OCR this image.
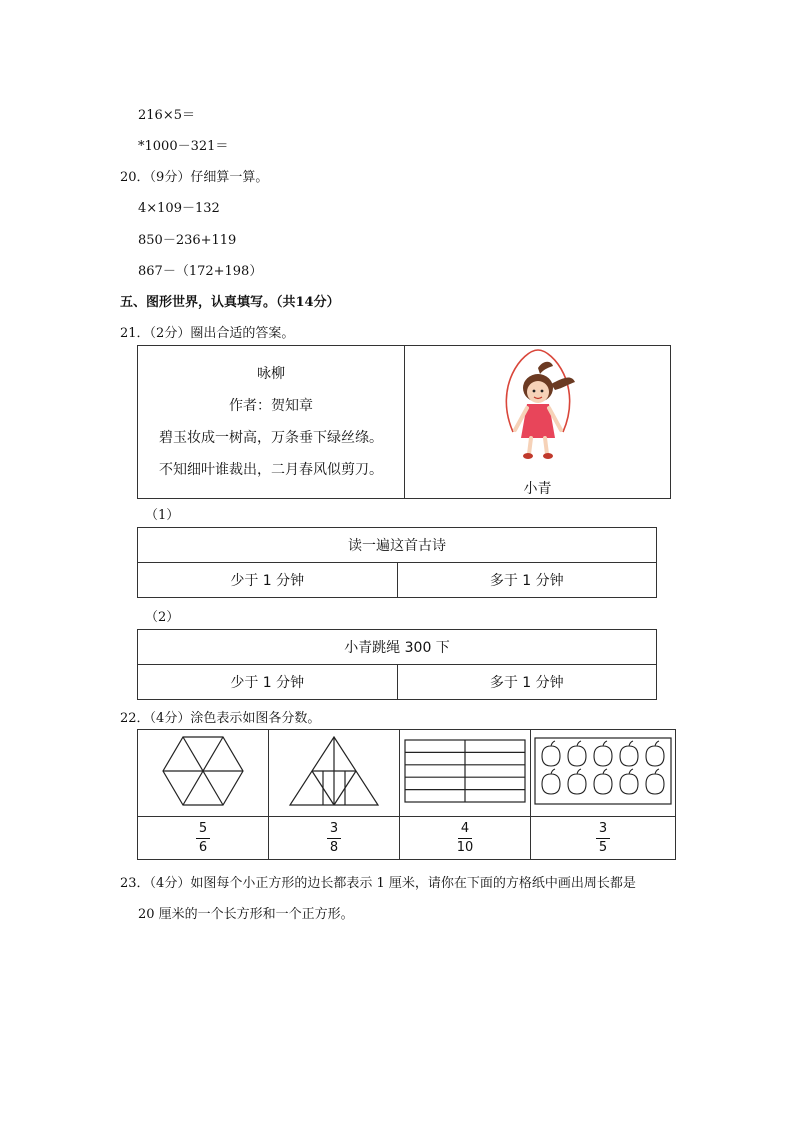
216×5＝
*1000－321＝
20．（9分）仔细算一算。
4×109－132
850－236+119
867－（172+198）
五、图形世界，认真填写。（共14分）
21．（2分）圈出合适的答案。

咏柳

作者：贺知章

碧玉妆成一树高，万条垂下绿丝绦。

不知细叶谁裁出，二月春风似剪刀。

小青
（1）
读一遍这首古诗
少于 1 分钟	多于 1 分钟
（2）
小青跳绳 300 下
少于 1 分钟	多于 1 分钟
22．（4分）涂色表示如图各分数。

$\frac{5}{6}$	$\frac{3}{8}$	$\frac{4}{10}$	$\frac{3}{5}$
23．（4分）如图每个小正方形的边长都表示 1 厘米，请你在下面的方格纸中画出周长都是
20 厘米的一个长方形和一个正方形。
